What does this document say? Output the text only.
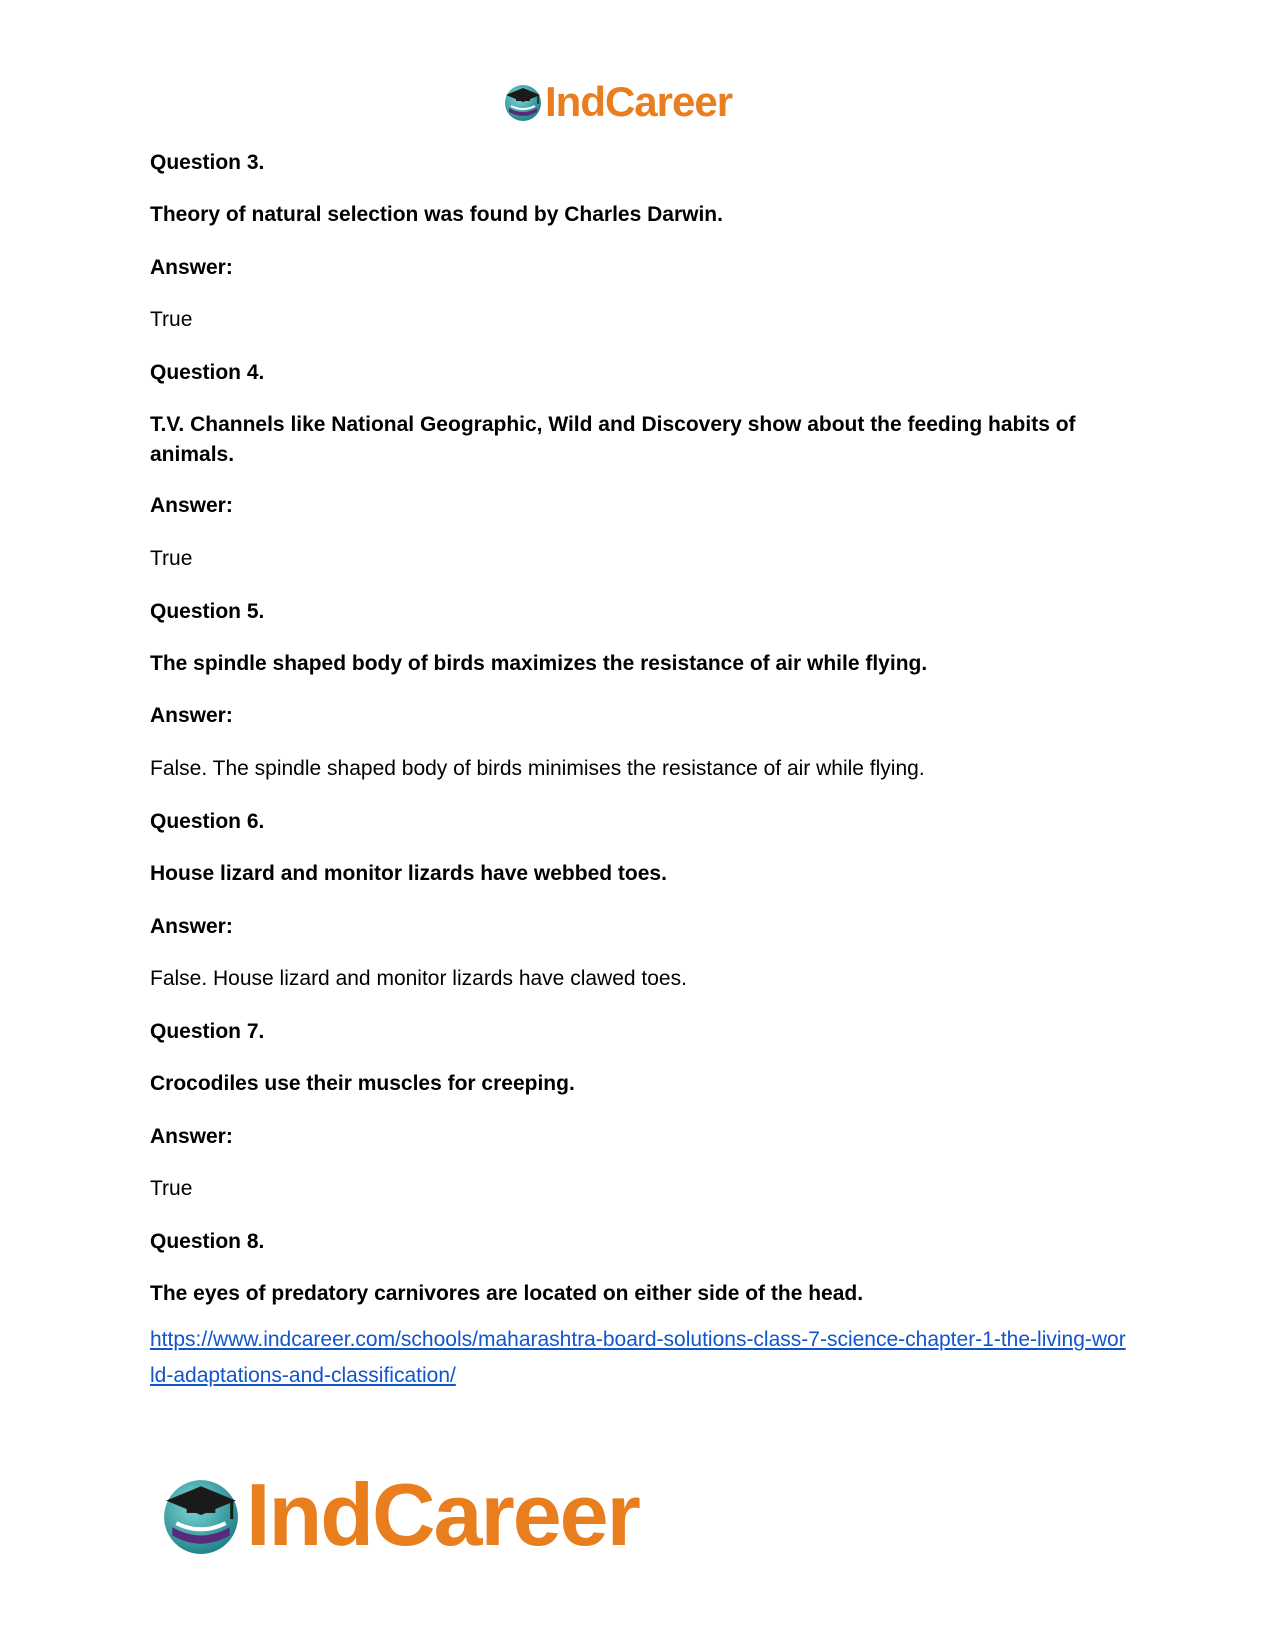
IndCareer

Question 3.

Theory of natural selection was found by Charles Darwin.

Answer:

True

Question 4.

T.V. Channels like National Geographic, Wild and Discovery show about the feeding habits of animals.

Answer:

True

Question 5.

The spindle shaped body of birds maximizes the resistance of air while flying.

Answer:

False. The spindle shaped body of birds minimises the resistance of air while flying.

Question 6.

House lizard and monitor lizards have webbed toes.

Answer:

False. House lizard and monitor lizards have clawed toes.

Question 7.

Crocodiles use their muscles for creeping.

Answer:

True

Question 8.

The eyes of predatory carnivores are located on either side of the head.

https://www.indcareer.com/schools/maharashtra-board-solutions-class-7-science-chapter-1-the-living-world-adaptations-and-classification/
IndCareer
